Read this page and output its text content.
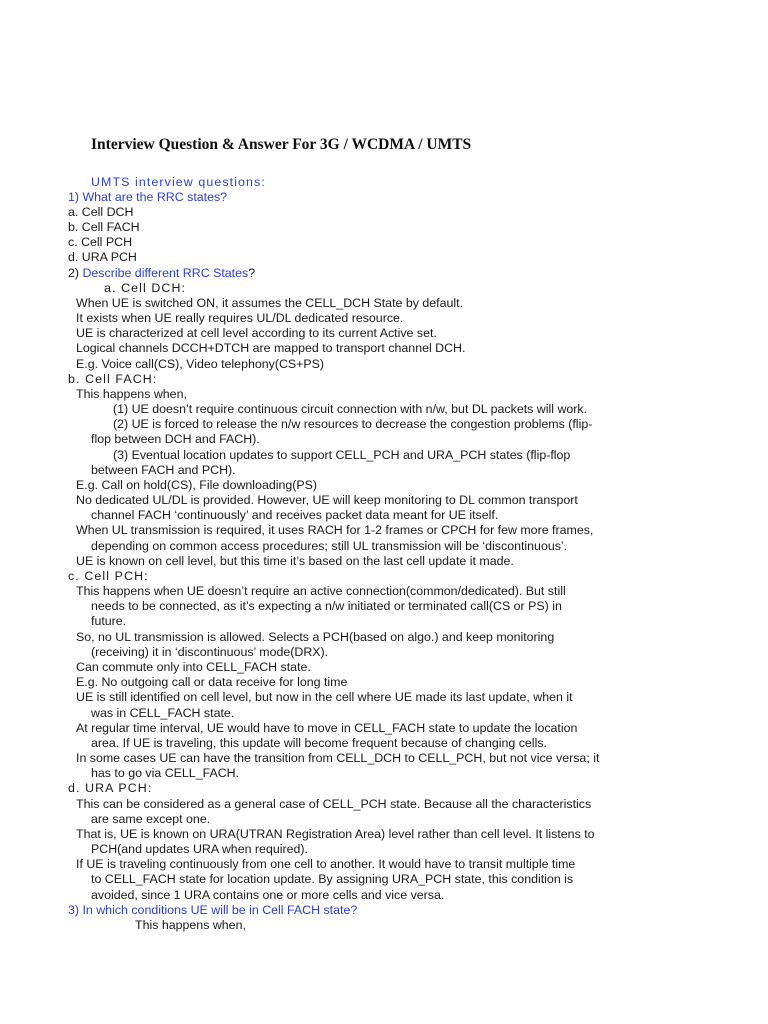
Interview Question & Answer For 3G / WCDMA / UMTS
UMTS interview questions:
1) What are the RRC states?
a. Cell DCH
b. Cell FACH
c. Cell PCH
d. URA PCH
2) Describe different RRC States?
a. Cell DCH:
When UE is switched ON, it assumes the CELL_DCH State by default.
It exists when UE really requires UL/DL dedicated resource.
UE is characterized at cell level according to its current Active set.
Logical channels DCCH+DTCH are mapped to transport channel DCH.
E.g. Voice call(CS), Video telephony(CS+PS)
b. Cell FACH:
This happens when,
(1) UE doesn’t require continuous circuit connection with n/w, but DL packets will work.
(2) UE is forced to release the n/w resources to decrease the congestion problems (flip-
flop between DCH and FACH).
(3) Eventual location updates to support CELL_PCH and URA_PCH states (flip-flop
between FACH and PCH).
E.g. Call on hold(CS), File downloading(PS)
No dedicated UL/DL is provided. However, UE will keep monitoring to DL common transport
channel FACH ‘continuously’ and receives packet data meant for UE itself.
When UL transmission is required, it uses RACH for 1-2 frames or CPCH for few more frames,
depending on common access procedures; still UL transmission will be ‘discontinuous’.
UE is known on cell level, but this time it’s based on the last cell update it made.
c. Cell PCH:
This happens when UE doesn’t require an active connection(common/dedicated). But still
needs to be connected, as it’s expecting a n/w initiated or terminated call(CS or PS) in
future.
So, no UL transmission is allowed. Selects a PCH(based on algo.) and keep monitoring
(receiving) it in ‘discontinuous’ mode(DRX).
Can commute only into CELL_FACH state.
E.g. No outgoing call or data receive for long time
UE is still identified on cell level, but now in the cell where UE made its last update, when it
was in CELL_FACH state.
At regular time interval, UE would have to move in CELL_FACH state to update the location
area. If UE is traveling, this update will become frequent because of changing cells.
In some cases UE can have the transition from CELL_DCH to CELL_PCH, but not vice versa; it
has to go via CELL_FACH.
d. URA PCH:
This can be considered as a general case of CELL_PCH state. Because all the characteristics
are same except one.
That is, UE is known on URA(UTRAN Registration Area) level rather than cell level. It listens to
PCH(and updates URA when required).
If UE is traveling continuously from one cell to another. It would have to transit multiple time
to CELL_FACH state for location update. By assigning URA_PCH state, this condition is
avoided, since 1 URA contains one or more cells and vice versa.
3) In which conditions UE will be in Cell FACH state?
This happens when,
